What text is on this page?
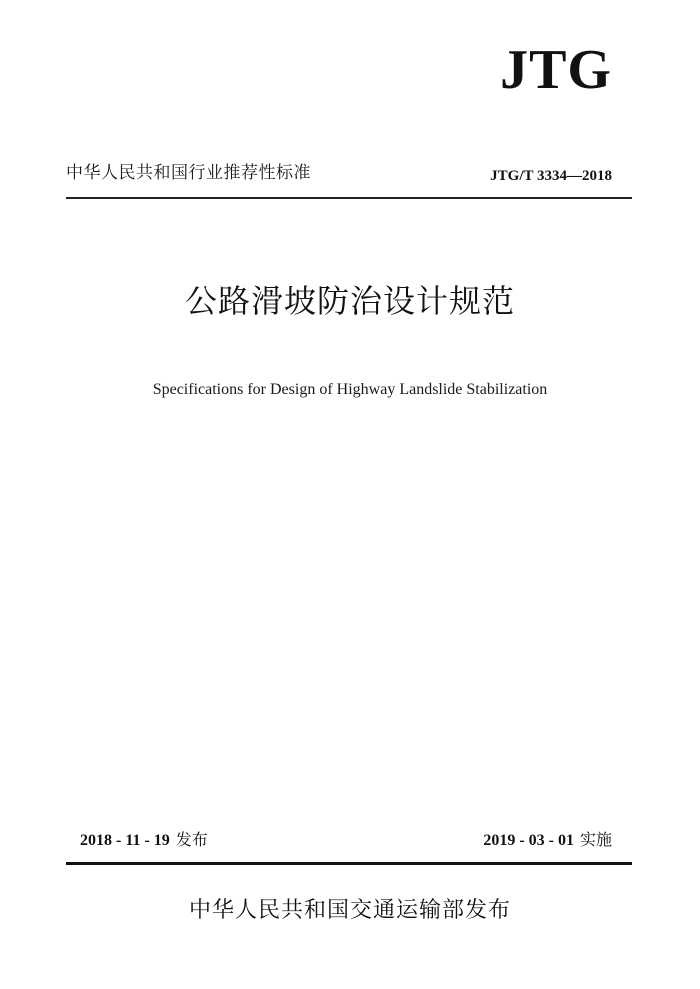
JTG
中华人民共和国行业推荐性标准	JTG/T 3334—2018
公路滑坡防治设计规范
Specifications for Design of Highway Landslide Stabilization
2018 - 11 - 19 发布	2019 - 03 - 01 实施
中华人民共和国交通运输部发布
